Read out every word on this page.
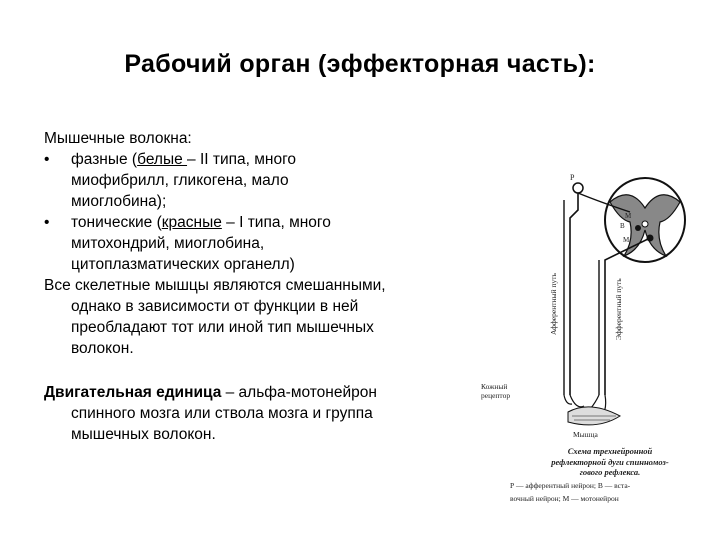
Рабочий орган (эффекторная часть):
Мышечные волокна:
•	фазные (белые – II типа, много
миофибрилл, гликогена, мало
миоглобина);
•	тонические (красные – I типа, много
митохондрий, миоглобина,
цитоплазматических органелл)
Все скелетные мышцы являются смешанными,
однако в зависимости от функции в ней
преобладают тот или иной тип мышечных
волокон.
Двигательная единица – альфа-мотонейрон
спинного мозга или ствола мозга и группа
мышечных волокон.
Р
М
В
М
Афферентный путь	Эфферентный путь
Кожный
рецептор
Мышца
Схема трехнейронной
рефлекторной дуги спинномоз-
гового рефлекса.
Р — афферентный нейрон; В — вста-
вочный нейрон; М — мотонейрон
